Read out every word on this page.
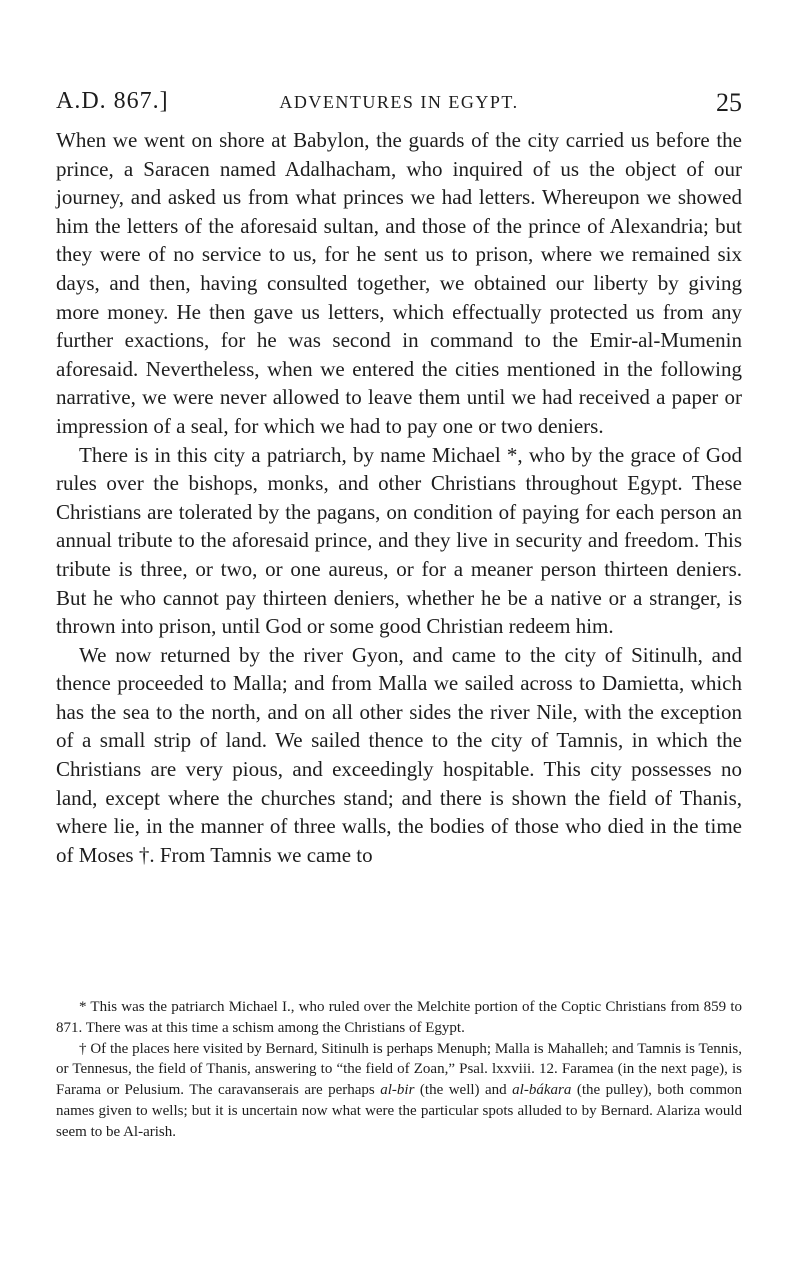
A.D. 867.]	ADVENTURES IN EGYPT.	25

When we went on shore at Babylon, the guards of the city carried us before the prince, a Saracen named Adalhacham, who inquired of us the object of our journey, and asked us from what princes we had letters. Whereupon we showed him the letters of the aforesaid sultan, and those of the prince of Alexandria; but they were of no service to us, for he sent us to prison, where we remained six days, and then, having consulted together, we obtained our liberty by giving more money. He then gave us letters, which effectually protected us from any further exactions, for he was second in command to the Emir-al-Mumenin aforesaid. Nevertheless, when we entered the cities mentioned in the following narrative, we were never allowed to leave them until we had received a paper or impression of a seal, for which we had to pay one or two deniers.

There is in this city a patriarch, by name Michael *, who by the grace of God rules over the bishops, monks, and other Christians throughout Egypt. These Christians are tolerated by the pagans, on condition of paying for each person an annual tribute to the aforesaid prince, and they live in security and freedom. This tribute is three, or two, or one aureus, or for a meaner person thirteen deniers. But he who cannot pay thirteen deniers, whether he be a native or a stranger, is thrown into prison, until God or some good Christian redeem him.

We now returned by the river Gyon, and came to the city of Sitinulh, and thence proceeded to Malla; and from Malla we sailed across to Damietta, which has the sea to the north, and on all other sides the river Nile, with the exception of a small strip of land. We sailed thence to the city of Tamnis, in which the Christians are very pious, and exceedingly hospitable. This city possesses no land, except where the churches stand; and there is shown the field of Thanis, where lie, in the manner of three walls, the bodies of those who died in the time of Moses †. From Tamnis we came to

* This was the patriarch Michael I., who ruled over the Melchite portion of the Coptic Christians from 859 to 871. There was at this time a schism among the Christians of Egypt.

† Of the places here visited by Bernard, Sitinulh is perhaps Menuph; Malla is Mahalleh; and Tamnis is Tennis, or Tennesus, the field of Thanis, answering to “the field of Zoan,” Psal. lxxviii. 12. Faramea (in the next page), is Farama or Pelusium. The caravanserais are perhaps al-bir (the well) and al-bákara (the pulley), both common names given to wells; but it is uncertain now what were the particular spots alluded to by Bernard. Alariza would seem to be Al-arish.
